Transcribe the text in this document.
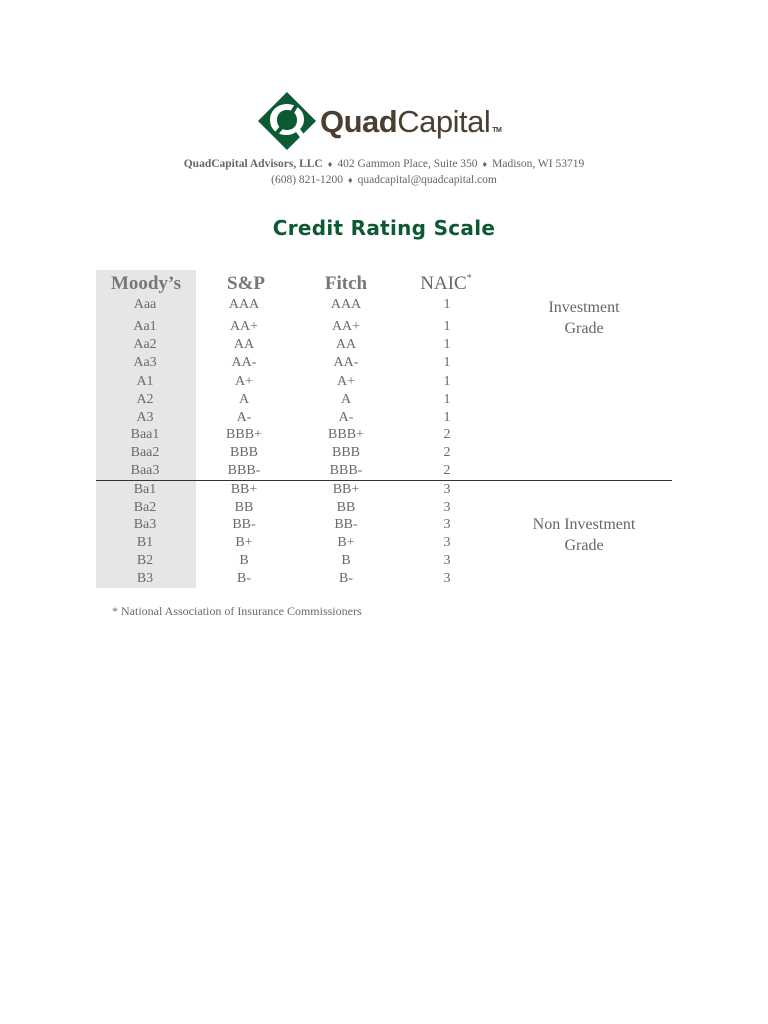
QuadCapital TM
QuadCapital Advisors, LLC ♦ 402 Gammon Place, Suite 350 ♦ Madison, WI 53719
(608) 821-1200 ♦ quadcapital@quadcapital.com
Credit Rating Scale
Moody’s	S&P	Fitch	NAIC*
Aaa	AAA	AAA	1
Aa1	AA+	AA+	1
Aa2	AA	AA	1
Aa3	AA-	AA-	1
A1	A+	A+	1
A2	A	A	1
A3	A-	A-	1
Baa1	BBB+	BBB+	2
Baa2	BBB	BBB	2
Baa3	BBB-	BBB-	2
Ba1	BB+	BB+	3
Ba2	BB	BB	3
Ba3	BB-	BB-	3
B1	B+	B+	3
B2	B	B	3
B3	B-	B-	3
Investment
Grade
Non Investment
Grade
* National Association of Insurance Commissioners
